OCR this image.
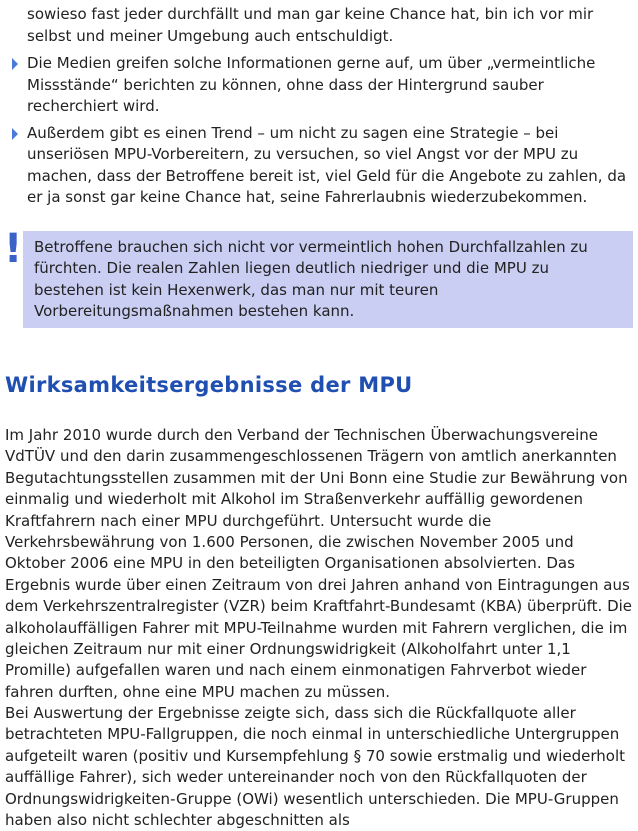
sowieso fast jeder durchfällt und man gar keine Chance hat, bin ich vor mir selbst und meiner Umgebung auch entschuldigt.
Die Medien greifen solche Informationen gerne auf, um über „vermeintliche Missstände“ berichten zu können, ohne dass der Hintergrund sauber recherchiert wird.
Außerdem gibt es einen Trend – um nicht zu sagen eine Strategie – bei unseriösen MPU-Vorbereitern, zu versuchen, so viel Angst vor der MPU zu machen, dass der Betroffene bereit ist, viel Geld für die Angebote zu zahlen, da er ja sonst gar keine Chance hat, seine Fahrerlaubnis wiederzubekommen.
! Betroffene brauchen sich nicht vor vermeintlich hohen Durchfallzahlen zu fürchten. Die realen Zahlen liegen deutlich niedriger und die MPU zu bestehen ist kein Hexenwerk, das man nur mit teuren Vorbereitungsmaßnahmen bestehen kann.
Wirksamkeitsergebnisse der MPU
Im Jahr 2010 wurde durch den Verband der Technischen Überwachungsvereine VdTÜV und den darin zusammengeschlossenen Trägern von amtlich anerkannten Begutachtungsstellen zusammen mit der Uni Bonn eine Studie zur Bewährung von einmalig und wiederholt mit Alkohol im Straßenverkehr auffällig gewordenen Kraftfahrern nach einer MPU durchgeführt. Untersucht wurde die Verkehrsbewährung von 1.600 Personen, die zwischen November 2005 und Oktober 2006 eine MPU in den beteiligten Organisationen absolvierten. Das Ergebnis wurde über einen Zeitraum von drei Jahren anhand von Eintragungen aus dem Verkehrszentralregister (VZR) beim Kraftfahrt-Bundesamt (KBA) überprüft. Die alkoholauffälligen Fahrer mit MPU-Teilnahme wurden mit Fahrern verglichen, die im gleichen Zeitraum nur mit einer Ordnungswidrigkeit (Alkoholfahrt unter 1,1 Promille) aufgefallen waren und nach einem einmonatigen Fahrverbot wieder fahren durften, ohne eine MPU machen zu müssen.
Bei Auswertung der Ergebnisse zeigte sich, dass sich die Rückfallquote aller betrachteten MPU-Fallgruppen, die noch einmal in unterschiedliche Untergruppen aufgeteilt waren (positiv und Kursempfehlung § 70 sowie erstmalig und wiederholt auffällige Fahrer), sich weder untereinander noch von den Rückfallquoten der Ordnungswidrigkeiten-Gruppe (OWi) wesentlich unterschieden. Die MPU-Gruppen haben also nicht schlechter abgeschnitten als
